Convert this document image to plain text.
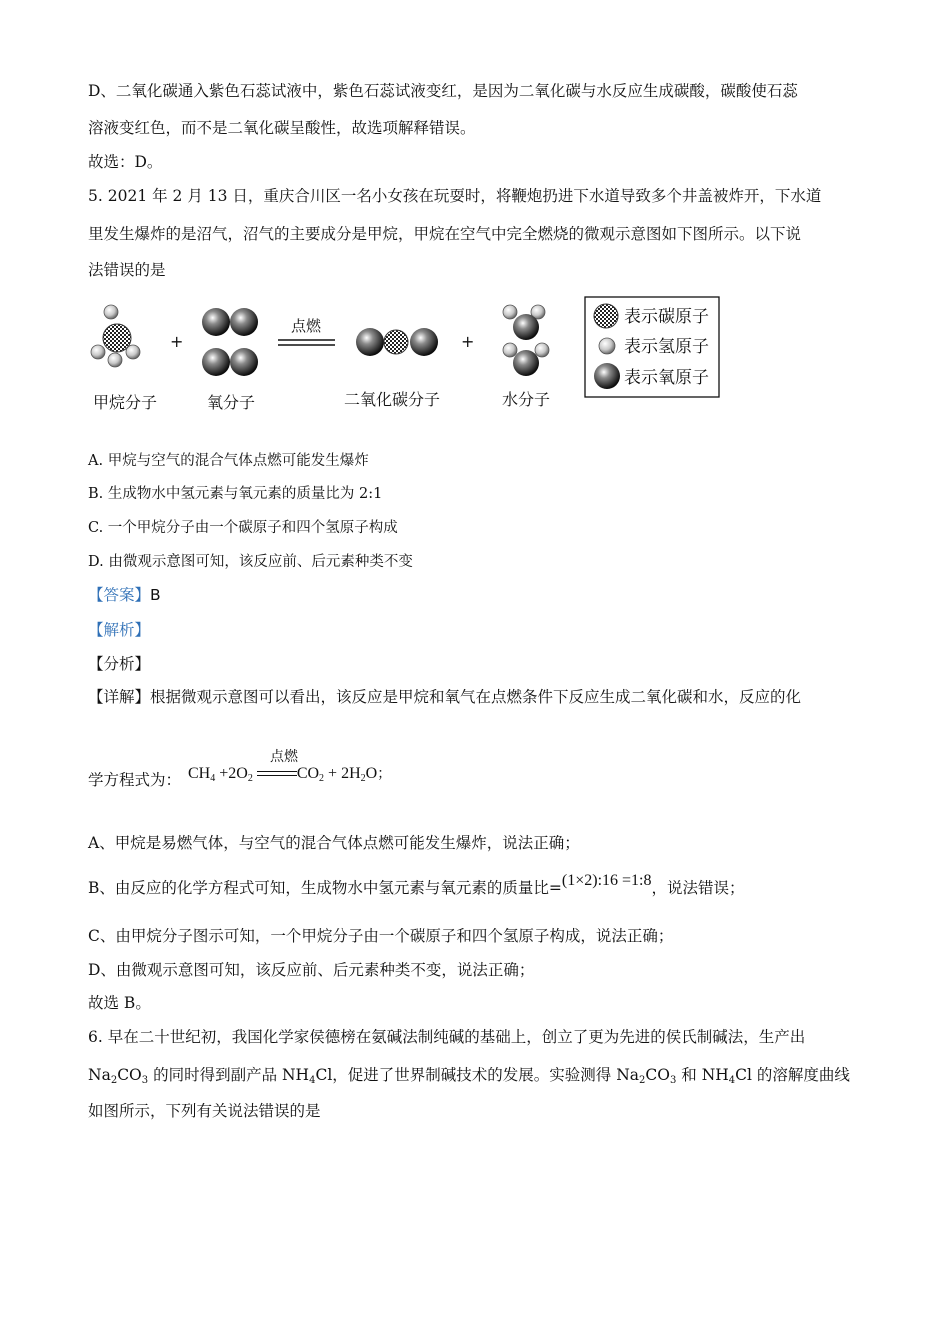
D、二氧化碳通入紫色石蕊试液中，紫色石蕊试液变红，是因为二氧化碳与水反应生成碳酸，碳酸使石蕊
溶液变红色，而不是二氧化碳呈酸性，故选项解释错误。
故选：D。
5. 2021 年 2 月 13 日，重庆合川区一名小女孩在玩耍时，将鞭炮扔进下水道导致多个井盖被炸开，下水道
里发生爆炸的是沼气，沼气的主要成分是甲烷，甲烷在空气中完全燃烧的微观示意图如下图所示。以下说
法错误的是
+
点燃
+
甲烷分子	氧分子	二氧化碳分子	水分子
表示碳原子
表示氢原子
表示氧原子
A. 甲烷与空气的混合气体点燃可能发生爆炸
B. 生成物水中氢元素与氧元素的质量比为 2:1
C. 一个甲烷分子由一个碳原子和四个氢原子构成
D. 由微观示意图可知，该反应前、后元素种类不变
【答案】B
【解析】
【分析】
【详解】根据微观示意图可以看出，该反应是甲烷和氧气在点燃条件下反应生成二氧化碳和水，反应的化
学方程式为： $CH_4 +2O_2$	$CO_2 + 2H_2O$；
点燃
A、甲烷是易燃气体，与空气的混合气体点燃可能发生爆炸，说法正确；
B、由反应的化学方程式可知，生成物水中氢元素与氧元素的质量比=(1×2):16 =1:8，说法错误；
C、由甲烷分子图示可知，一个甲烷分子由一个碳原子和四个氢原子构成，说法正确；
D、由微观示意图可知，该反应前、后元素种类不变，说法正确；
故选 B。
6. 早在二十世纪初，我国化学家侯德榜在氨碱法制纯碱的基础上，创立了更为先进的侯氏制碱法，生产出
$Na_2CO_3$ 的同时得到副产品 $NH_4Cl$，促进了世界制碱技术的发展。实验测得 $Na_2CO_3$ 和 $NH_4Cl$ 的溶解度曲线
如图所示，下列有关说法错误的是
